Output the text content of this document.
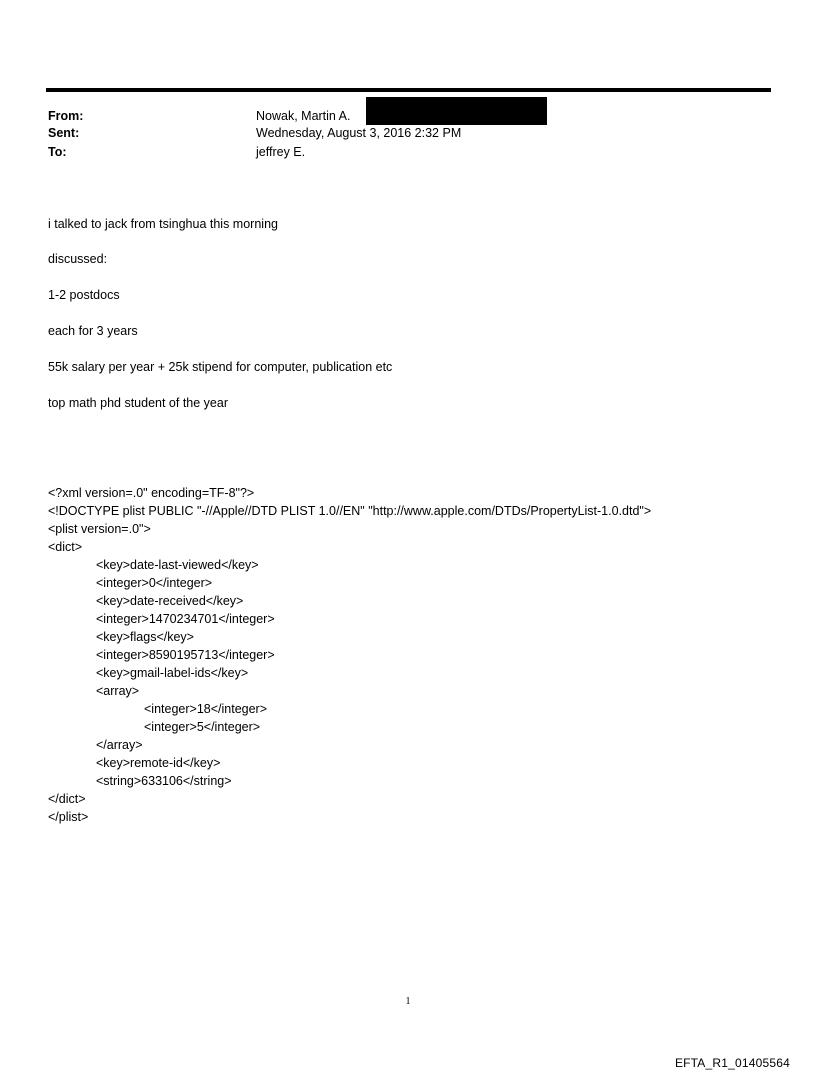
From:	Nowak, Martin A.
Sent:	Wednesday, August 3, 2016 2:32 PM
To:	jeffrey E.
i talked to jack from tsinghua this morning
discussed:
1-2 postdocs
each for 3 years
55k salary per year + 25k stipend for computer, publication etc
top math phd student of the year
<?xml version=.0" encoding=TF-8"?>
<!DOCTYPE plist PUBLIC "-//Apple//DTD PLIST 1.0//EN" "http://www.apple.com/DTDs/PropertyList-1.0.dtd">
<plist version=.0">
<dict>
<key>date-last-viewed</key>
<integer>0</integer>
<key>date-received</key>
<integer>1470234701</integer>
<key>flags</key>
<integer>8590195713</integer>
<key>gmail-label-ids</key>
<array>
<integer>18</integer>
<integer>5</integer>
</array>
<key>remote-id</key>
<string>633106</string>
</dict>
</plist>
1
EFTA_R1_01405564
